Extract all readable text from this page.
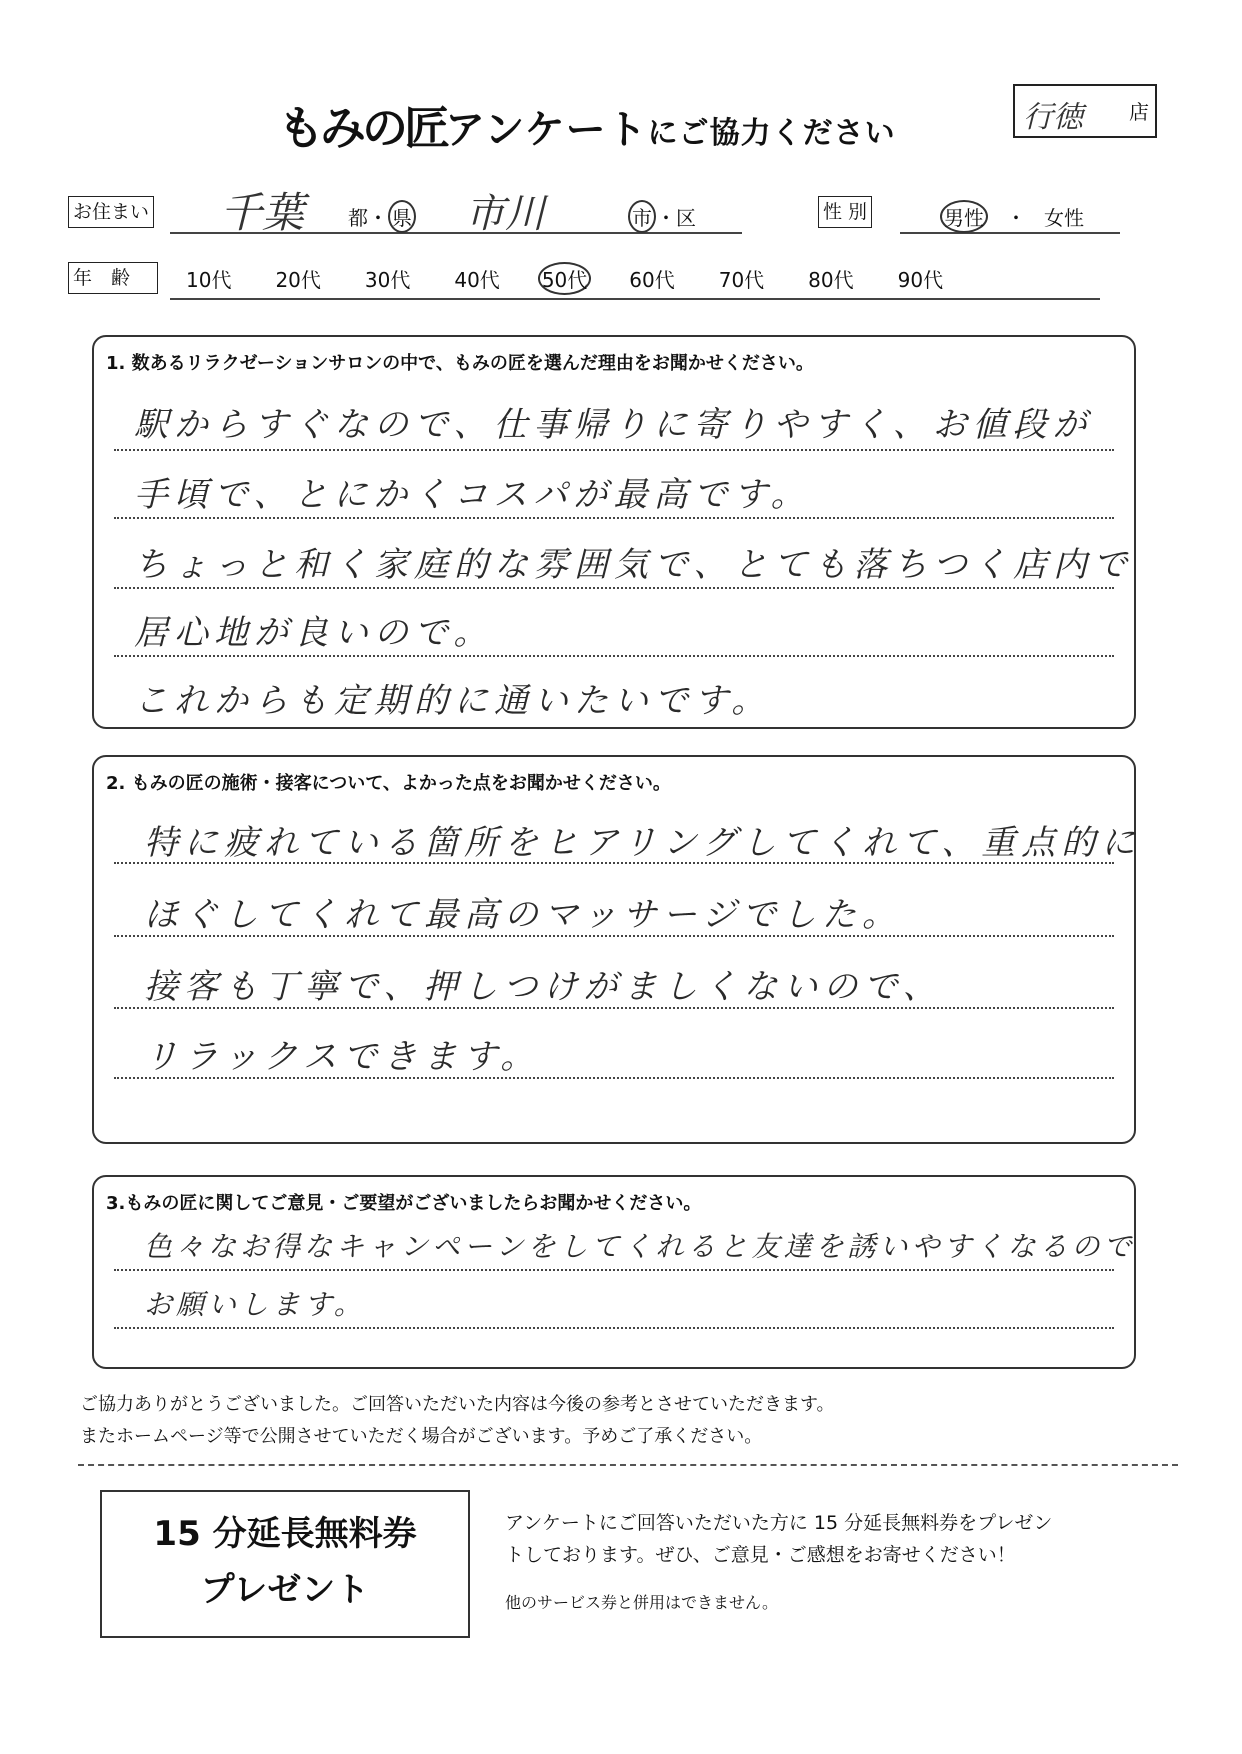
もみの匠 アンケートにご協力ください	行徳 店
お住まい 千葉 都・ 県 市川	市 ・区	性 別	男性 ・ 女性
年　齢	10代 20代 30代 40代 50代 60代 70代 80代 90代
1. 数あるリラクゼーションサロンの中で、もみの匠を選んだ理由をお聞かせください。
駅からすぐなので、仕事帰りに寄りやすく、お値段が
手頃で、とにかくコスパが最高です。
ちょっと和く家庭的な雰囲気で、とても落ちつく店内で
居心地が良いので。
これからも定期的に通いたいです。
2. もみの匠の施術・接客について、よかった点をお聞かせください。
特に疲れている箇所をヒアリングしてくれて、重点的に
ほぐしてくれて最高のマッサージでした。
接客も丁寧で、押しつけがましくないので、
リラックスできます。
3.もみの匠に関してご意見・ご要望がございましたらお聞かせください。
色々なお得なキャンペーンをしてくれると友達を誘いやすくなるので
お願いします。
ご協力ありがとうございました。ご回答いただいた内容は今後の参考とさせていただきます。
またホームページ等で公開させていただく場合がございます。予めご了承ください。
15 分延長無料券
プレゼント
アンケートにご回答いただいた方に 15 分延長無料券をプレゼン
トしております。ぜひ、ご意見・ご感想をお寄せください！
他のサービス券と併用はできません。
